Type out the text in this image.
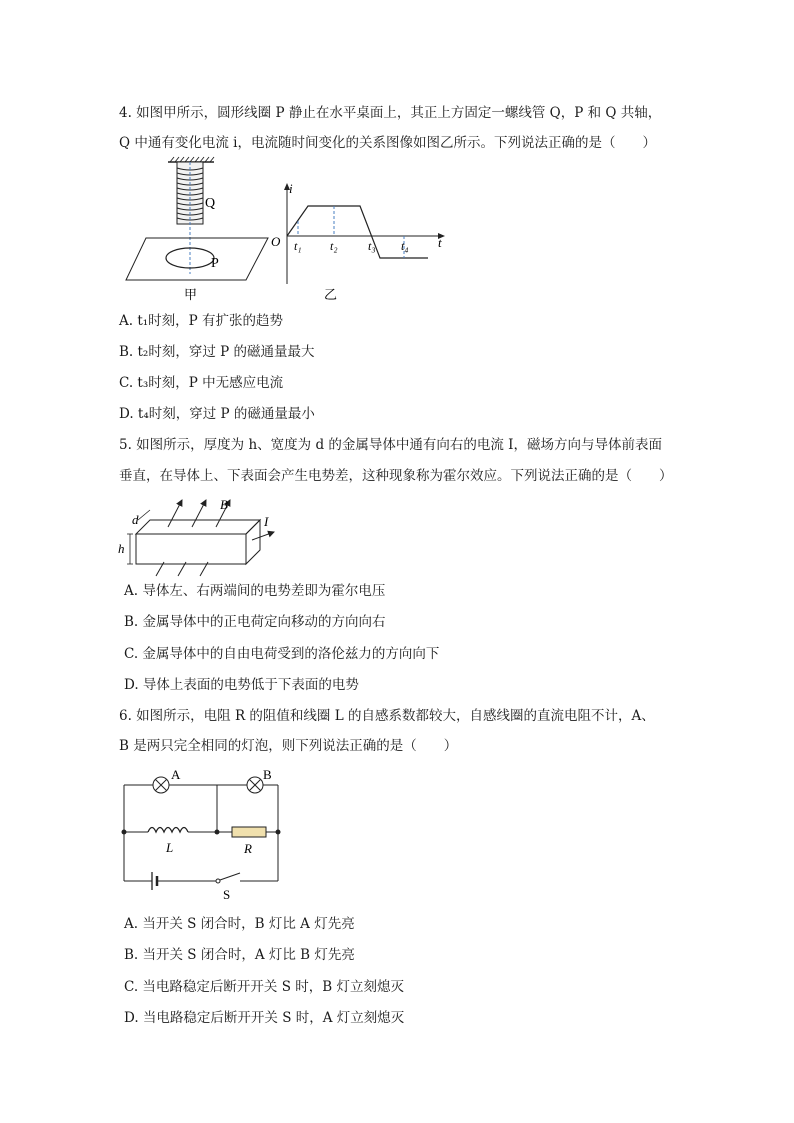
4. 如图甲所示，圆形线圈 P 静止在水平桌面上，其正上方固定一螺线管 Q，P 和 Q 共轴，
Q 中通有变化电流 i，电流随时间变化的关系图像如图乙所示。下列说法正确的是（　　）
Q
P
甲
i
t
O t₁ t₂	t₃ t₄
乙
A. t₁时刻，P 有扩张的趋势
B. t₂时刻，穿过 P 的磁通量最大
C. t₃时刻，P 中无感应电流
D. t₄时刻，穿过 P 的磁通量最小
5. 如图所示，厚度为 h、宽度为 d 的金属导体中通有向右的电流 I，磁场方向与导体前表面
垂直，在导体上、下表面会产生电势差，这种现象称为霍尔效应。下列说法正确的是（　　）
B
I
d
h
A. 导体左、右两端间的电势差即为霍尔电压
B. 金属导体中的正电荷定向移动的方向向右
C. 金属导体中的自由电荷受到的洛伦兹力的方向向下
D. 导体上表面的电势低于下表面的电势
6. 如图所示，电阻 R 的阻值和线圈 L 的自感系数都较大，自感线圈的直流电阻不计，A、
B 是两只完全相同的灯泡，则下列说法正确的是（　　）
A	B
L	R
S
A. 当开关 S 闭合时，B 灯比 A 灯先亮
B. 当开关 S 闭合时，A 灯比 B 灯先亮
C. 当电路稳定后断开开关 S 时，B 灯立刻熄灭
D. 当电路稳定后断开开关 S 时，A 灯立刻熄灭
